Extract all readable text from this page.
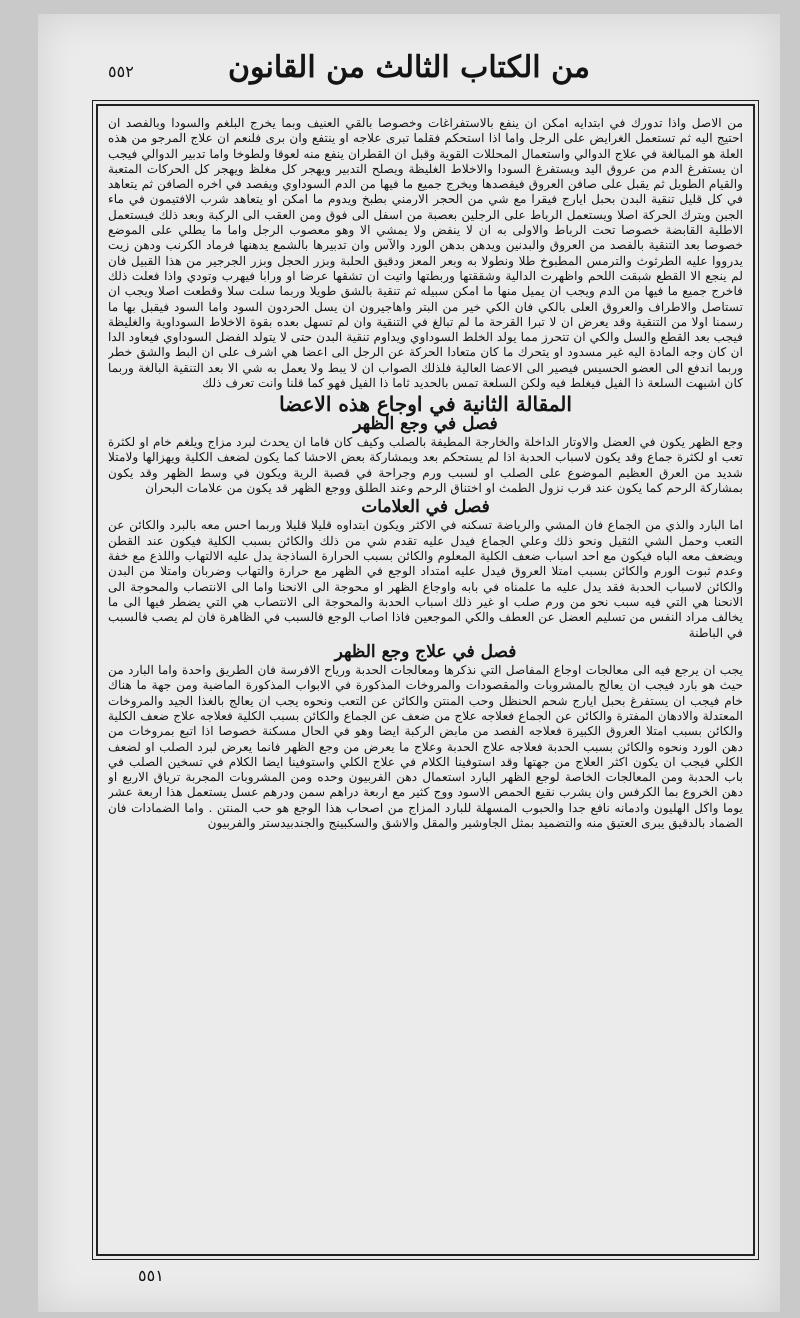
من الكتاب الثالث من القانون
٥٥٢

من الاصل واذا تدورك في ابتدايه امكن ان ينفع بالاستفراغات وخصوصا بالقي العنيف وبما يخرج البلغم والسودا وبالفصد ان احتيج اليه ثم تستعمل الغرايض على الرجل واما اذا استحكم فقلما تبرى علاجه او ينتفع وان برى فلنعم ان علاج المرجو من هذه العلة هو المبالغة في علاج الدوالي واستعمال المحللات القوية وقبل ان القطران ينفع منه لعوقا ولطوخا واما تدبير الدوالي فيجب ان يستفرغ الدم من عروق اليد ويستفرغ السودا والاخلاط الغليظة ويصلح التدبير ويهجر كل مغلظ ويهجر كل الحركات المتعبة والقيام الطويل ثم يقبل على صافن العروق فيفصدها ويخرج جميع ما فيها من الدم السوداوي ويفصد في اخره الصافن ثم يتعاهد في كل قليل تنقية البدن بحبل ايارج فيقرا مع شي من الحجر الارمني بطبخ ويدوم ما امكن او يتعاهد شرب الافتيمون في ماء الجبن ويترك الحركة اصلا ويستعمل الرباط على الرجلين بعصبة من اسفل الى فوق ومن العقب الى الركبة وبعد ذلك فيستعمل الاطلية القابضة خصوصا تحت الرباط والاولى به ان لا ينفض ولا يمشي الا وهو معصوب الرجل واما ما يطلي على الموضع خصوصا بعد التنقية بالفصد من العروق والبدنين ويدهن بدهن الورد والآس وان تدبيرها بالشمع يدهنها فرماد الكرنب ودهن زيت يدرووا عليه الطرثوث والترمس المطبوخ طلا ونطولا به وبعر المعز ودقيق الحلبة وبزر الحجل وبزر الجرجير من هذا القبيل فان لم ينجع الا القطع شبقت اللحم واظهرت الدالية وشققتها وربطتها واتيت ان تشقها عرضا او ورابا فيهرب وتودي واذا فعلت ذلك فاخرج جميع ما فيها من الدم ويجب ان يميل منها ما امكن سبيله ثم تنقية بالشق طويلا وربما سلت سلا وقطعت اصلا ويجب ان تستاصل والاطراف والعروق العلى بالكي فان الكي خير من البتر واهاجيرون ان يسل الحردون السود واما السود فيقبل بها ما رسمنا اولا من التنقية وقد يعرض ان لا تبرا القرحة ما لم تبالغ في التنقية وان لم تسهل بعده بقوة الاخلاط السوداوية والغليظة فيجب بعد القطع والسل والكي ان تتحرز مما يولد الخلط السوداوي ويداوم تنقية البدن حتى لا يتولد الفضل السوداوي فيعاود الدا ان كان وجه المادة اليه غير مسدود او يتحرك ما كان متعادا الحركة عن الرجل الى اعضا هي اشرف على ان البط والشق خطر وربما اندفع الى العضو الحسيس فيصير الى الاعضا العالية فلذلك الصواب ان لا يبط ولا يعمل به شي الا بعد التنقية البالغة وربما كان اشبهت السلعة ذا الفيل فيغلط فيه ولكن السلعة تمس بالحديد ثاما ذا الفيل فهو كما قلنا وانت تعرف ذلك

المقالة الثانية في اوجاع هذه الاعضا
فصل في وجع الظهر

وجع الظهر يكون في العضل والاوتار الداخلة والخارجة المطيفة بالصلب وكيف كان فاما ان يحدث لبرد مزاج ويلغم خام او لكثرة تعب او لكثرة جماع وقد يكون لاسباب الحدبة اذا لم يستحكم بعد ويمشاركة بعض الاحشا كما يكون لضعف الكلية ويهزالها ولامتلا شديد من العرق العظيم الموضوع على الصلب او لسبب ورم وجراحة في قصبة الرية ويكون في وسط الظهر وقد يكون بمشاركة الرحم كما يكون عند قرب نزول الطمث او اختناق الرحم وعند الطلق ووجع الظهر قد يكون من علامات البحران

فصل في العلامات

اما البارد والذي من الجماع فان المشي والرياضة تسكنه في الاكثر ويكون ابتداوه قليلا قليلا وربما احس معه بالبرد والكائن عن التعب وحمل الشي الثقيل ونحو ذلك وعلي الجماع فيدل عليه تقدم شي من ذلك والكائن بسبب الكلية فيكون عند القطن ويضعف معه الباه فيكون مع احد اسباب ضعف الكلية المعلوم والكائن بسبب الحرارة الساذجة يدل عليه الالتهاب واللذع مع خفة وعدم ثبوت الورم والكائن بسبب امتلا العروق فيدل عليه امتداد الوجع في الظهر مع حرارة والتهاب وضربان وامتلا من البدن والكائن لاسباب الحدبة فقد يدل عليه ما علمناه في بابه واوجاع الظهر او محوجة الى الانحنا واما الى الانتصاب والمحوجة الى الانحنا هي التي فيه سبب نحو من ورم صلب او غير ذلك اسباب الحدبة والمحوجة الى الانتصاب هي التي يضطر فيها الى ما يخالف مراد النفس من تسليم العضل عن العطف والكي الموجعين فاذا اصاب الوجع فالسبب في الظاهرة فان لم يصب فالسبب في الباطنة

فصل في علاج وجع الظهر

يجب ان يرجع فيه الى معالجات اوجاع المفاصل التي نذكرها ومعالجات الحدبة ورياح الافرسة فان الطريق واحدة واما البارد من حيث هو بارد فيجب ان يعالج بالمشروبات والمقصودات والمروخات المذكورة في الابواب المذكورة الماضية ومن جهة ما هناك خام فيجب ان يستفرغ بحبل ايارج شحم الحنظل وحب المنتن والكائن عن التعب ونحوه يجب ان يعالج بالغذا الجيد والمروخات المعتدلة والادهان المفترة والكائن عن الجماع فعلاجه علاج من ضعف عن الجماع والكائن بسبب الكلية فعلاجه علاج ضعف الكلية والكائن بسبب امتلا العروق الكبيرة فعلاجه الفصد من مابض الركبة ايضا وهو في الحال مسكنة خصوصا اذا اتبع بمروخات من دهن الورد ونحوه والكائن بسبب الحدبة فعلاجه علاج الحدبة وعلاج ما يعرض من وجع الظهر فانما يعرض لبرد الصلب او لضعف الكلي فيجب ان يكون اكثر العلاج من جهتها وقد استوفينا الكلام في علاج الكلي واستوفينا ايضا الكلام في تسخين الصلب في باب الحدبة ومن المعالجات الخاصة لوجع الظهر البارد استعمال دهن الفربيون وحده ومن المشروبات المجربة ترياق الاربع او دهن الخروع بما الكرفس وان يشرب نقيع الحمص الاسود ووج كثير مع اربعة دراهم سمن ودرهم عسل يستعمل هذا اربعة عشر يوما واكل الهليون وادمانه نافع جدا والحبوب المسهلة للبارد المزاج من اصحاب هذا الوجع هو حب المنتن . واما الضمادات فان الضماد بالدقيق يبرى العتيق منه والتضميد بمثل الجاوشير والمقل والاشق والسكبينج والجندبيدستر والفربيون

٥٥١
